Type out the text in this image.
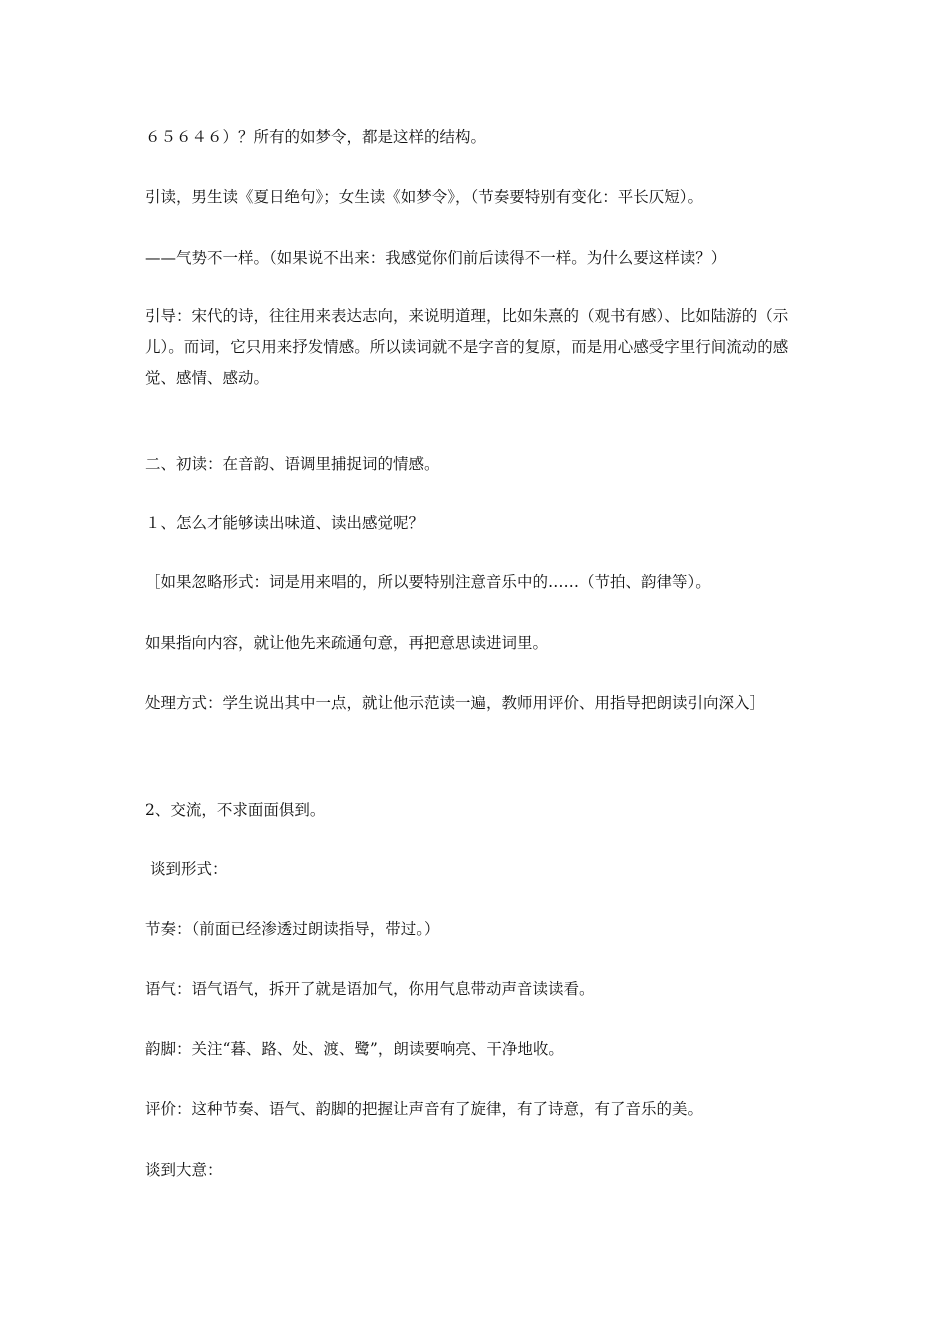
６５６４６）？所有的如梦令，都是这样的结构。

引读，男生读《夏日绝句》；女生读《如梦令》，（节奏要特别有变化：平长仄短）。

——气势不一样。（如果说不出来：我感觉你们前后读得不一样。为什么要这样读？）

引导：宋代的诗，往往用来表达志向，来说明道理，比如朱熹的（观书有感）、比如陆游的（示儿）。而词，它只用来抒发情感。所以读词就不是字音的复原，而是用心感受字里行间流动的感觉、感情、感动。

二、初读：在音韵、语调里捕捉词的情感。

１、怎么才能够读出味道、读出感觉呢？

［如果忽略形式：词是用来唱的，所以要特别注意音乐中的……（节拍、韵律等）。

如果指向内容，就让他先来疏通句意，再把意思读进词里。

处理方式：学生说出其中一点，就让他示范读一遍，教师用评价、用指导把朗读引向深入］

2、交流，不求面面俱到。

谈到形式：

节奏：（前面已经渗透过朗读指导，带过。）

语气：语气语气，拆开了就是语加气，你用气息带动声音读读看。

韵脚：关注“暮、路、处、渡、鹭”，朗读要响亮、干净地收。

评价：这种节奏、语气、韵脚的把握让声音有了旋律，有了诗意，有了音乐的美。

谈到大意：
